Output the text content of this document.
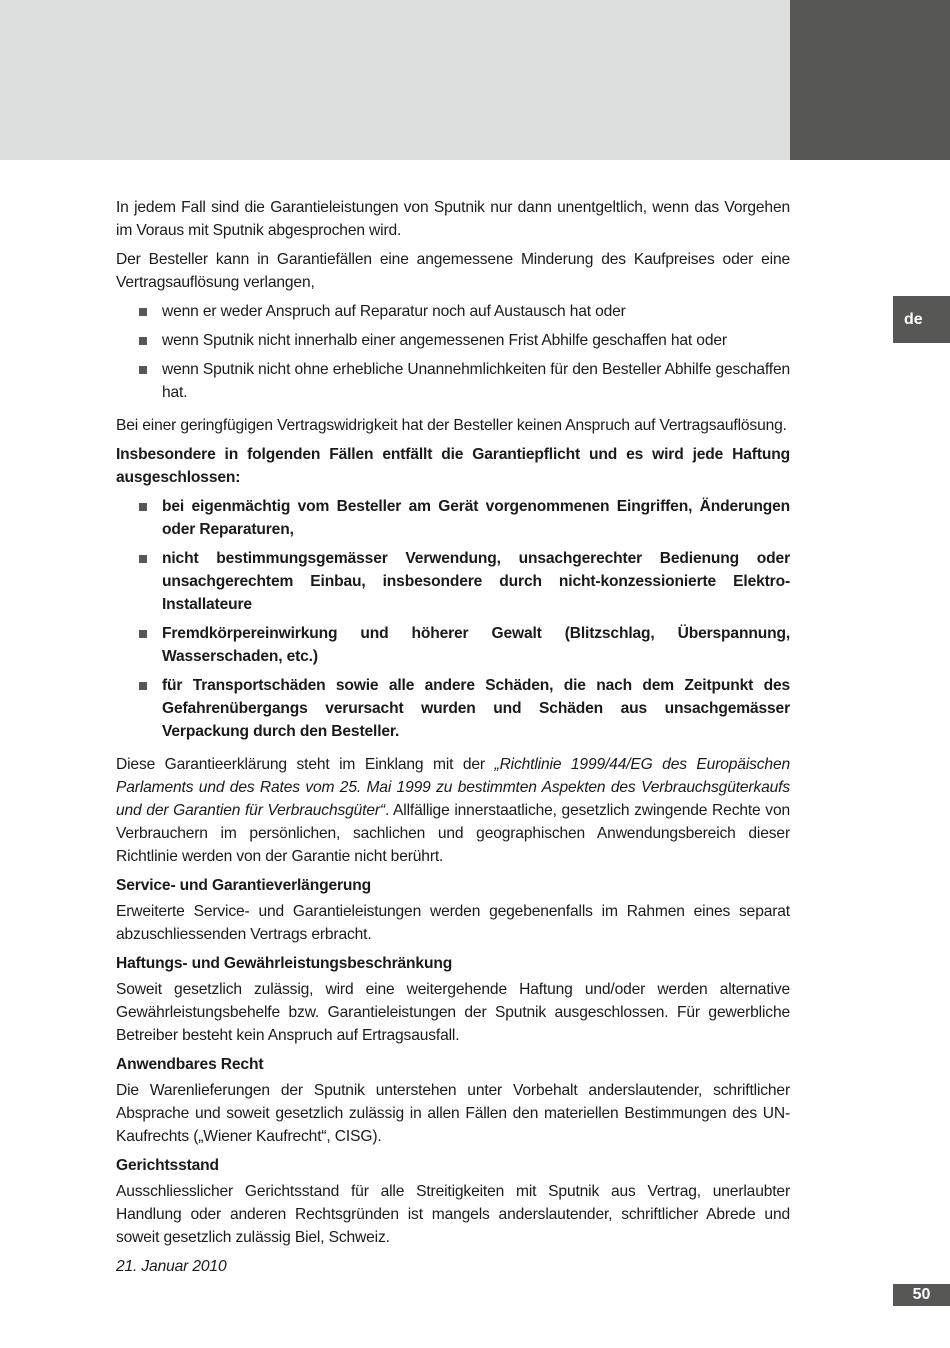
de

In jedem Fall sind die Garantieleistungen von Sputnik nur dann unentgeltlich, wenn das Vorgehen im Voraus mit Sputnik abgesprochen wird.

Der Besteller kann in Garantiefällen eine angemessene Minderung des Kaufpreises oder eine Vertragsauflösung verlangen,

wenn er weder Anspruch auf Reparatur noch auf Austausch hat oder
wenn Sputnik nicht innerhalb einer angemessenen Frist Abhilfe geschaffen hat oder
wenn Sputnik nicht ohne erhebliche Unannehmlichkeiten für den Besteller Abhilfe geschaffen hat.

Bei einer geringfügigen Vertragswidrigkeit hat der Besteller keinen Anspruch auf Vertragsauflösung.

Insbesondere in folgenden Fällen entfällt die Garantiepflicht und es wird jede Haftung ausgeschlossen:

bei eigenmächtig vom Besteller am Gerät vorgenommenen Eingriffen, Änderungen oder Reparaturen,
nicht bestimmungsgemässer Verwendung, unsachgerechter Bedienung oder unsachgerechtem Einbau, insbesondere durch nicht-konzessionierte Elektro-Installateure
Fremdkörpereinwirkung und höherer Gewalt (Blitzschlag, Überspannung, Wasserschaden, etc.)
für Transportschäden sowie alle andere Schäden, die nach dem Zeitpunkt des Gefahrenübergangs verursacht wurden und Schäden aus unsachgemässer Verpackung durch den Besteller.

Diese Garantieerklärung steht im Einklang mit der „Richtlinie 1999/44/EG des Europäischen Parlaments und des Rates vom 25. Mai 1999 zu bestimmten Aspekten des Verbrauchsgüterkaufs und der Garantien für Verbrauchsgüter“. Allfällige innerstaatliche, gesetzlich zwingende Rechte von Verbrauchern im persönlichen, sachlichen und geographischen Anwendungsbereich dieser Richtlinie werden von der Garantie nicht berührt.

Service- und Garantieverlängerung

Erweiterte Service- und Garantieleistungen werden gegebenenfalls im Rahmen eines separat abzuschliessenden Vertrags erbracht.

Haftungs- und Gewährleistungsbeschränkung

Soweit gesetzlich zulässig, wird eine weitergehende Haftung und/oder werden alternative Gewährleistungsbehelfe bzw. Garantieleistungen der Sputnik ausgeschlossen. Für gewerbliche Betreiber besteht kein Anspruch auf Ertragsausfall.

Anwendbares Recht

Die Warenlieferungen der Sputnik unterstehen unter Vorbehalt anderslautender, schriftlicher Absprache und soweit gesetzlich zulässig in allen Fällen den materiellen Bestimmungen des UN-Kaufrechts („Wiener Kaufrecht“, CISG).

Gerichtsstand

Ausschliesslicher Gerichtsstand für alle Streitigkeiten mit Sputnik aus Vertrag, unerlaubter Handlung oder anderen Rechtsgründen ist mangels anderslautender, schriftlicher Abrede und soweit gesetzlich zulässig Biel, Schweiz.

21. Januar 2010
50
